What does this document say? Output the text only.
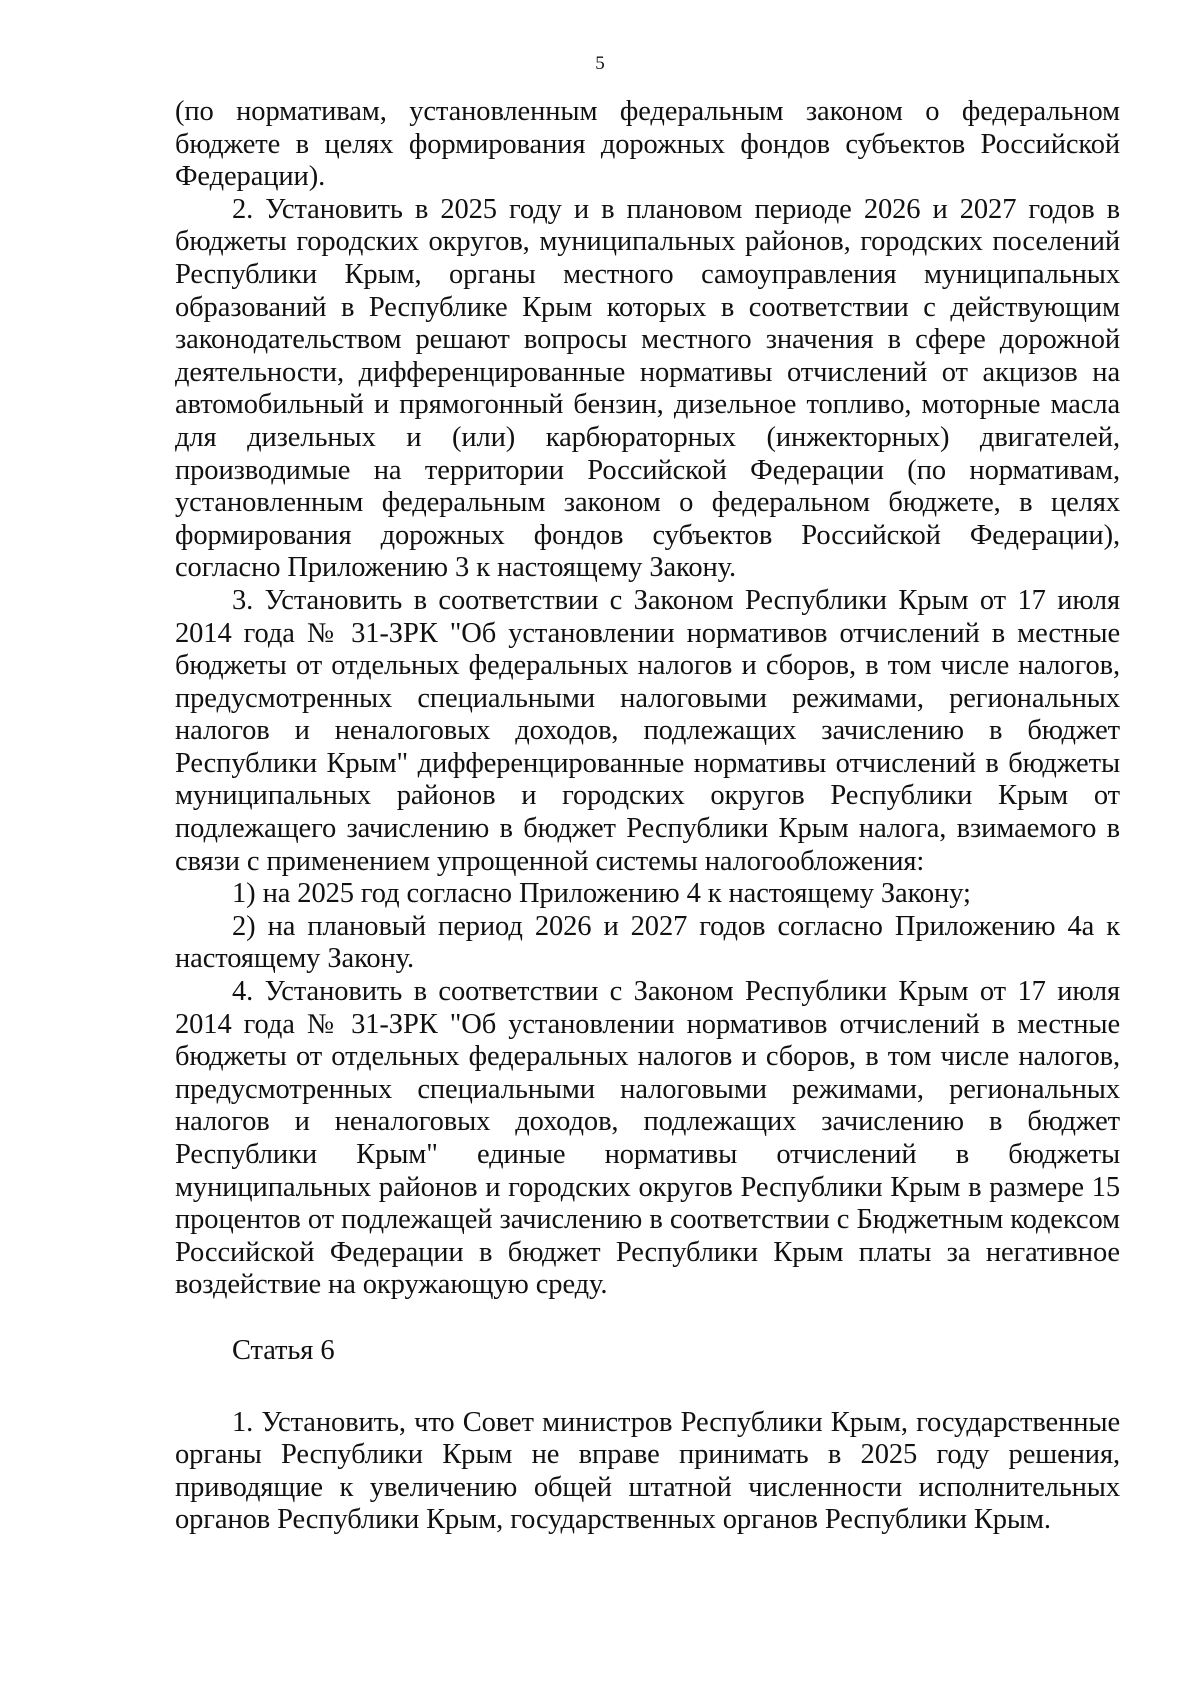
5

(по нормативам, установленным федеральным законом о федеральном бюджете в целях формирования дорожных фондов субъектов Российской Федерации).

2. Установить в 2025 году и в плановом периоде 2026 и 2027 годов в бюджеты городских округов, муниципальных районов, городских поселений Республики Крым, органы местного самоуправления муниципальных образований в Республике Крым которых в соответствии с действующим законодательством решают вопросы местного значения в сфере дорожной деятельности, дифференцированные нормативы отчислений от акцизов на автомобильный и прямогонный бензин, дизельное топливо, моторные масла для дизельных и (или) карбюраторных (инжекторных) двигателей, производимые на территории Российской Федерации (по нормативам, установленным федеральным законом о федеральном бюджете, в целях формирования дорожных фондов субъектов Российской Федерации), согласно Приложению 3 к настоящему Закону.

3. Установить в соответствии с Законом Республики Крым от 17 июля 2014 года № 31-ЗРК "Об установлении нормативов отчислений в местные бюджеты от отдельных федеральных налогов и сборов, в том числе налогов, предусмотренных специальными налоговыми режимами, региональных налогов и неналоговых доходов, подлежащих зачислению в бюджет Республики Крым" дифференцированные нормативы отчислений в бюджеты муниципальных районов и городских округов Республики Крым от подлежащего зачислению в бюджет Республики Крым налога, взимаемого в связи с применением упрощенной системы налогообложения:

1) на 2025 год согласно Приложению 4 к настоящему Закону;

2) на плановый период 2026 и 2027 годов согласно Приложению 4а к настоящему Закону.

4. Установить в соответствии с Законом Республики Крым от 17 июля 2014 года № 31-ЗРК "Об установлении нормативов отчислений в местные бюджеты от отдельных федеральных налогов и сборов, в том числе налогов, предусмотренных специальными налоговыми режимами, региональных налогов и неналоговых доходов, подлежащих зачислению в бюджет Республики Крым" единые нормативы отчислений в бюджеты муниципальных районов и городских округов Республики Крым в размере 15 процентов от подлежащей зачислению в соответствии с Бюджетным кодексом Российской Федерации в бюджет Республики Крым платы за негативное воздействие на окружающую среду.

Статья 6

1. Установить, что Совет министров Республики Крым, государственные органы Республики Крым не вправе принимать в 2025 году решения, приводящие к увеличению общей штатной численности исполнительных органов Республики Крым, государственных органов Республики Крым.
